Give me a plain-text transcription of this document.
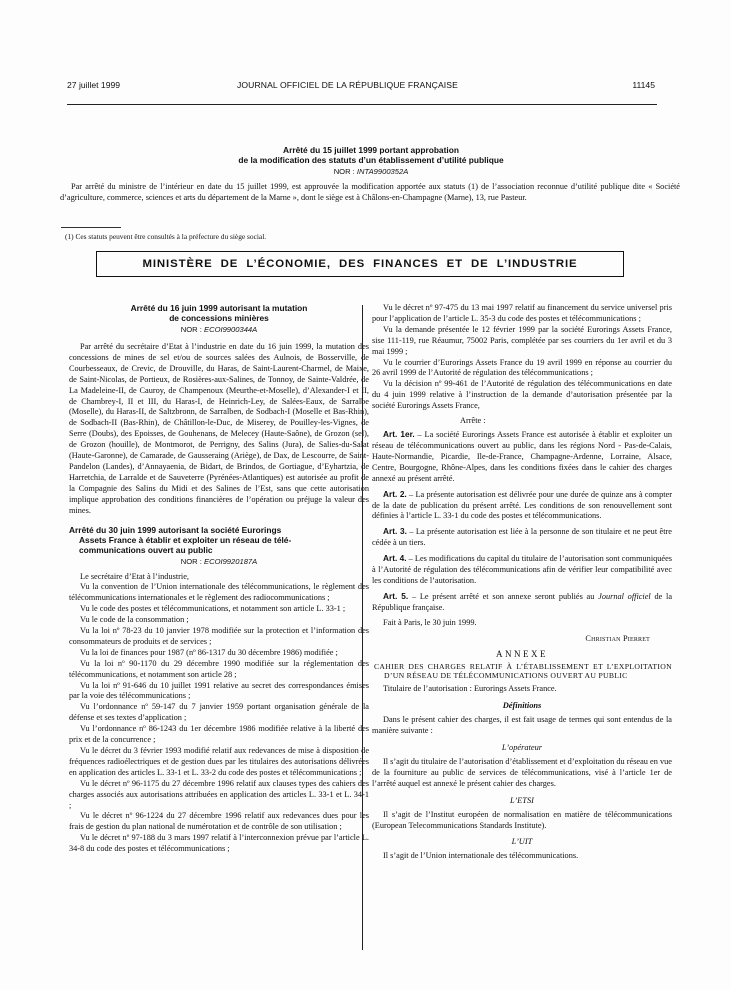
27 juillet 1999	JOURNAL OFFICIEL DE LA RÉPUBLIQUE FRANÇAISE	11145
Arrêté du 15 juillet 1999 portant approbation
de la modification des statuts d’un établissement d’utilité publique
NOR : INTA9900352A

Par arrêté du ministre de l’intérieur en date du 15 juillet 1999, est approuvée la modification apportée aux statuts (1) de l’association reconnue d’utilité publique dite « Société d’agriculture, commerce, sciences et arts du département de la Marne », dont le siège est à Châlons-en-Champagne (Marne), 13, rue Pasteur.

(1) Ces statuts peuvent être consultés à la préfecture du siège social.
MINISTÈRE DE L’ÉCONOMIE, DES FINANCES ET DE L’INDUSTRIE
Arrêté du 16 juin 1999 autorisant la mutation
de concessions minières
NOR : ECOI9900344A

Par arrêté du secrétaire d’Etat à l’industrie en date du 16 juin 1999, la mutation des concessions de mines de sel et/ou de sources salées des Aulnois, de Bosserville, de Courbesseaux, de Crevic, de Drouville, du Haras, de Saint-Laurent-Charmel, de Maixe, de Saint-Nicolas, de Portieux, de Rosières-aux-Salines, de Tonnoy, de Sainte-Valdrée, de La Madeleine-II, de Cauroy, de Champenoux (Meurthe-et-Moselle), d’Alexander-I et II, de Chambrey-I, II et III, du Haras-I, de Heinrich-Ley, de Salées-Eaux, de Sarralbe (Moselle), du Haras-II, de Saltzbronn, de Sarralben, de Sodbach-I (Moselle et Bas-Rhin), de Sodbach-II (Bas-Rhin), de Châtillon-le-Duc, de Miserey, de Pouilley-les-Vignes, de Serre (Doubs), des Epoisses, de Gouhenans, de Melecey (Haute-Saône), de Grozon (sel), de Grozon (houille), de Montmorot, de Perrigny, des Salins (Jura), de Salies-du-Salat (Haute-Garonne), de Camarade, de Gausseraing (Ariège), de Dax, de Lescourre, de Saint-Pandelon (Landes), d’Annayaenia, de Bidart, de Brindos, de Gortiague, d’Eyhartzia, de Harretchia, de Larralde et de Sauveterre (Pyrénées-Atlantiques) est autorisée au profit de la Compagnie des Salins du Midi et des Salines de l’Est, sans que cette autorisation implique approbation des conditions financières de l’opération ou préjuge la valeur des mines.

Arrêté du 30 juin 1999 autorisant la société Eurorings
Assets France à établir et exploiter un réseau de télé-
communications ouvert au public
NOR : ECOI9920187A

Le secrétaire d’Etat à l’industrie,

Vu la convention de l’Union internationale des télécommunications, le règlement des télécommunications internationales et le règlement des radiocommunications ;

Vu le code des postes et télécommunications, et notamment son article L. 33-1 ;

Vu le code de la consommation ;

Vu la loi nº 78-23 du 10 janvier 1978 modifiée sur la protection et l’information des consommateurs de produits et de services ;

Vu la loi de finances pour 1987 (nº 86-1317 du 30 décembre 1986) modifiée ;

Vu la loi nº 90-1170 du 29 décembre 1990 modifiée sur la réglementation des télécommunications, et notamment son article 28 ;

Vu la loi nº 91-646 du 10 juillet 1991 relative au secret des correspondances émises par la voie des télécommunications ;

Vu l’ordonnance nº 59-147 du 7 janvier 1959 portant organisation générale de la défense et ses textes d’application ;

Vu l’ordonnance nº 86-1243 du 1er décembre 1986 modifiée relative à la liberté des prix et de la concurrence ;

Vu le décret du 3 février 1993 modifié relatif aux redevances de mise à disposition de fréquences radioélectriques et de gestion dues par les titulaires des autorisations délivrées en application des articles L. 33-1 et L. 33-2 du code des postes et télécommunications ;

Vu le décret nº 96-1175 du 27 décembre 1996 relatif aux clauses types des cahiers des charges associés aux autorisations attribuées en application des articles L. 33-1 et L. 34-1 ;

Vu le décret nº 96-1224 du 27 décembre 1996 relatif aux redevances dues pour les frais de gestion du plan national de numérotation et de contrôle de son utilisation ;

Vu le décret nº 97-188 du 3 mars 1997 relatif à l’interconnexion prévue par l’article L. 34-8 du code des postes et télécommunications ;

Vu le décret nº 97-475 du 13 mai 1997 relatif au financement du service universel pris pour l’application de l’article L. 35-3 du code des postes et télécommunications ;

Vu la demande présentée le 12 février 1999 par la société Eurorings Assets France, sise 111-119, rue Réaumur, 75002 Paris, complétée par ses courriers du 1er avril et du 3 mai 1999 ;

Vu le courrier d’Eurorings Assets France du 19 avril 1999 en réponse au courrier du 26 avril 1999 de l’Autorité de régulation des télécommunications ;

Vu la décision nº 99-461 de l’Autorité de régulation des télécommunications en date du 4 juin 1999 relative à l’instruction de la demande d’autorisation présentée par la société Eurorings Assets France,

Arrête :

Art. 1er. – La société Eurorings Assets France est autorisée à établir et exploiter un réseau de télécommunications ouvert au public, dans les régions Nord - Pas-de-Calais, Haute-Normandie, Picardie, Ile-de-France, Champagne-Ardenne, Lorraine, Alsace, Centre, Bourgogne, Rhône-Alpes, dans les conditions fixées dans le cahier des charges annexé au présent arrêté.

Art. 2. – La présente autorisation est délivrée pour une durée de quinze ans à compter de la date de publication du présent arrêté. Les conditions de son renouvellement sont définies à l’article L. 33-1 du code des postes et télécommunications.

Art. 3. – La présente autorisation est liée à la personne de son titulaire et ne peut être cédée à un tiers.

Art. 4. – Les modifications du capital du titulaire de l’autorisation sont communiquées à l’Autorité de régulation des télécommunications afin de vérifier leur compatibilité avec les conditions de l’autorisation.

Art. 5. – Le présent arrêté et son annexe seront publiés au Journal officiel de la République française.

Fait à Paris, le 30 juin 1999.

Christian Pierret
ANNEXE

CAHIER DES CHARGES RELATIF À L’ÉTABLISSEMENT ET L’EXPLOITATION D’UN RÉSEAU DE TÉLÉCOMMUNICATIONS OUVERT AU PUBLIC

Titulaire de l’autorisation : Eurorings Assets France.

Définitions

Dans le présent cahier des charges, il est fait usage de termes qui sont entendus de la manière suivante :

L’opérateur

Il s’agit du titulaire de l’autorisation d’établissement et d’exploitation du réseau en vue de la fourniture au public de services de télécommunications, visé à l’article 1er de l’arrêté auquel est annexé le présent cahier des charges.

L’ETSI

Il s’agit de l’Institut européen de normalisation en matière de télécommunications (European Telecommunications Standards Institute).

L’UIT

Il s’agit de l’Union internationale des télécommunications.
